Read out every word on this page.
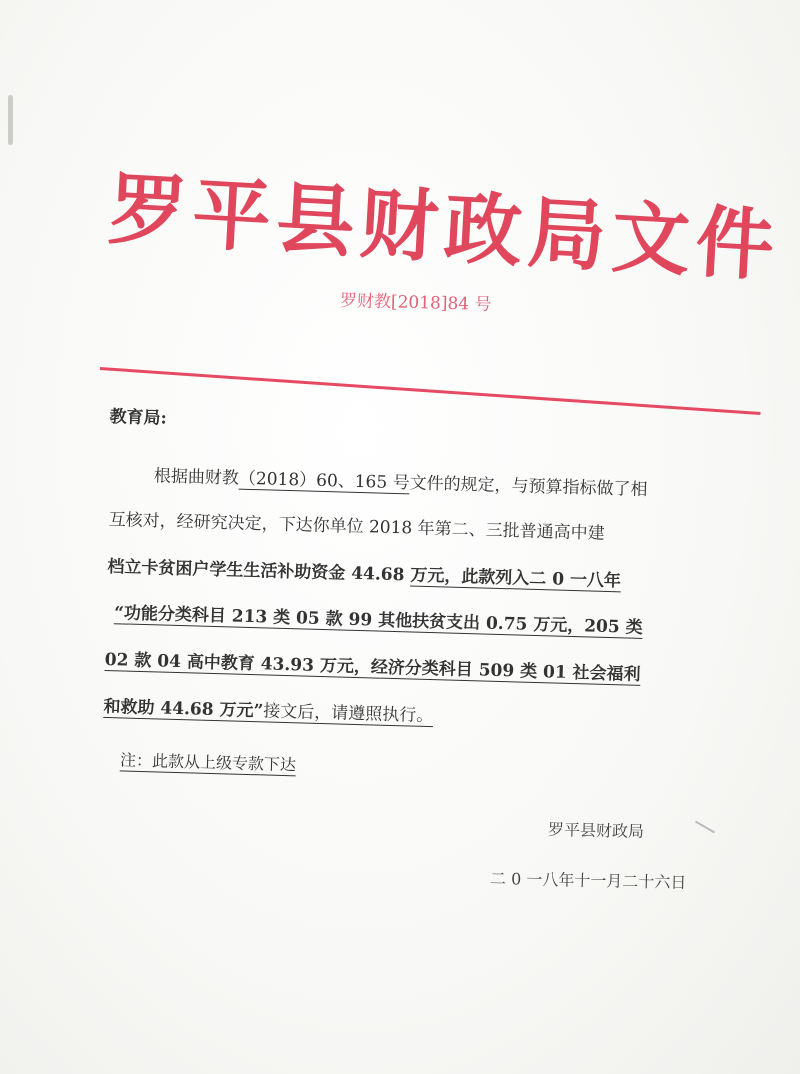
罗平县财政局文件
罗财教[2018]84 号
教育局:
根据曲财教（2018）60、165 号文件的规定，与预算指标做了相
互核对，经研究决定，下达你单位 2018 年第二、三批普通高中建
档立卡贫困户学生生活补助资金 44.68 万元，此款列入二 0 一八年
“功能分类科目 213 类 05 款 99 其他扶贫支出 0.75 万元，205 类
02 款 04 高中教育 43.93 万元，经济分类科目 509 类 01 社会福利
和救助 44.68 万元”接文后，请遵照执行。
注：此款从上级专款下达
罗平县财政局
二 0 一八年十一月二十六日
